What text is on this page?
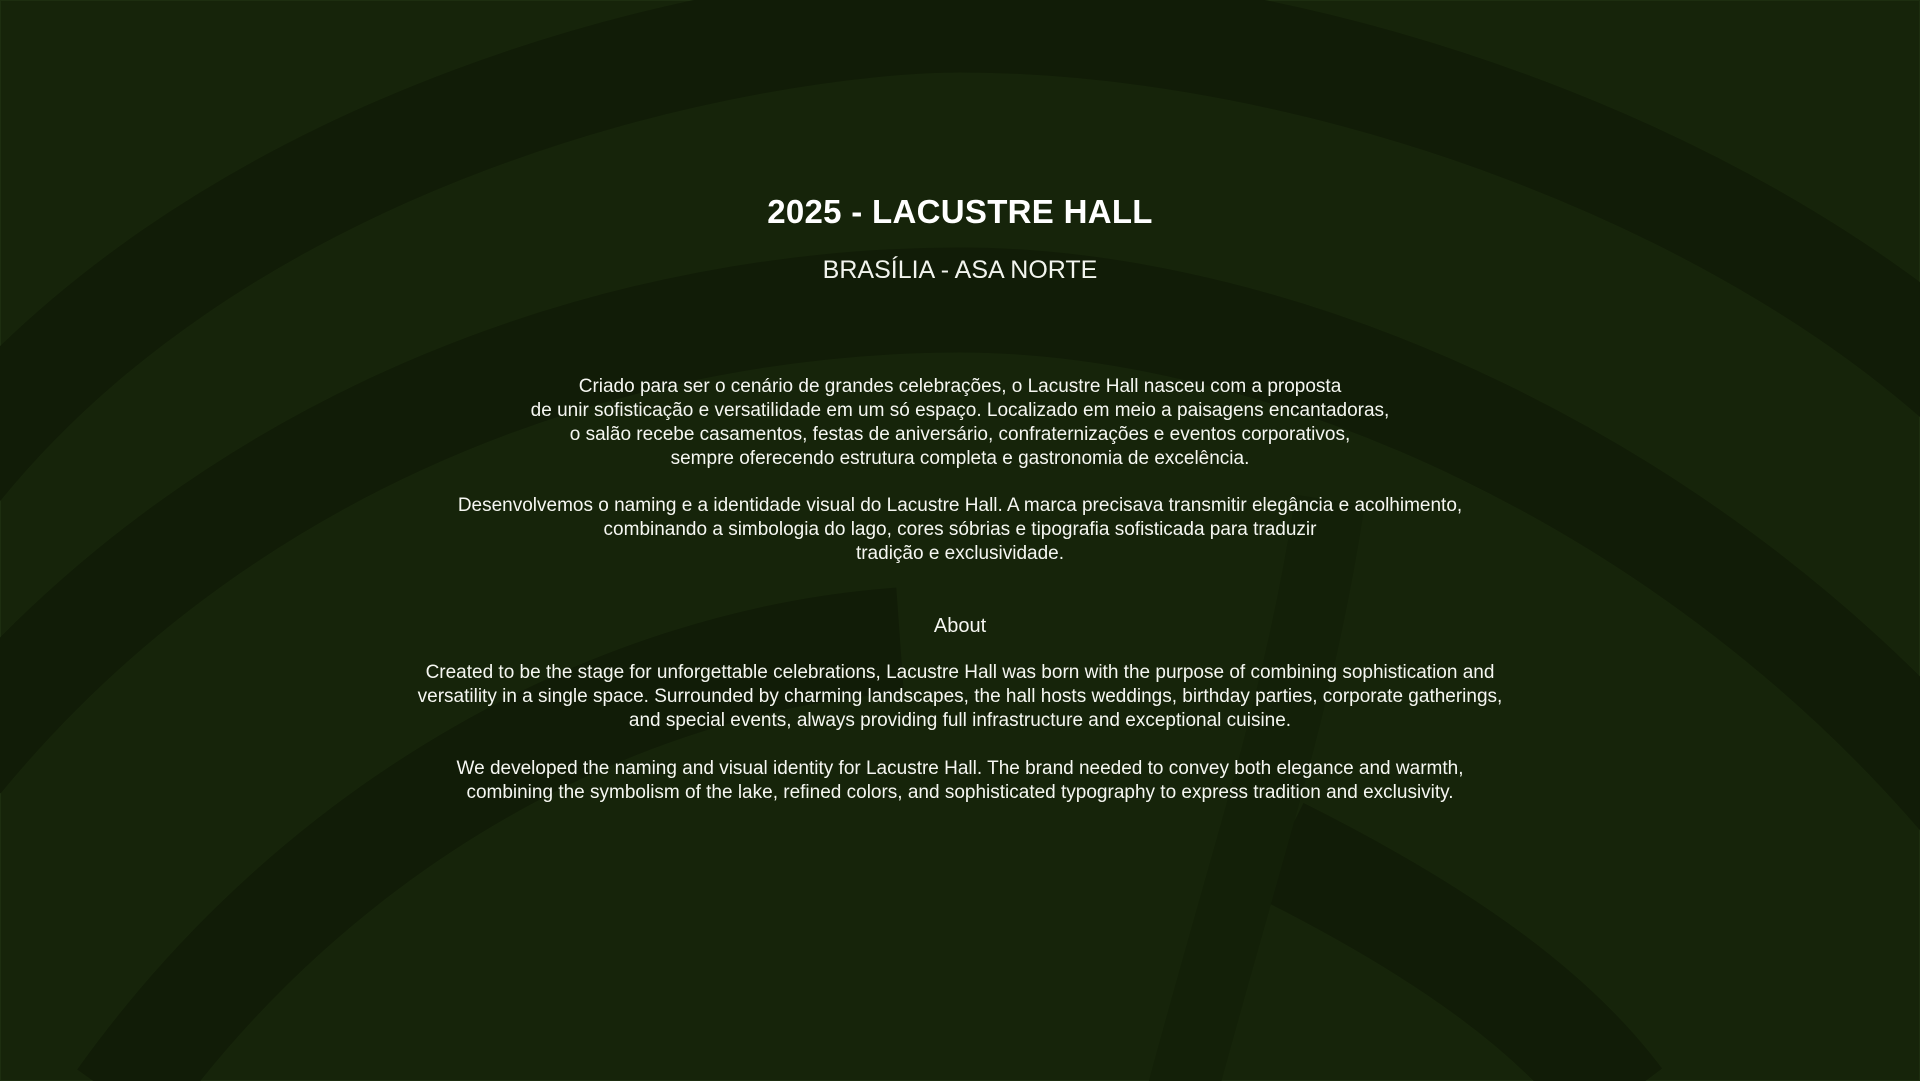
2025 - LACUSTRE HALL
BRASÍLIA - ASA NORTE

Criado para ser o cenário de grandes celebrações, o Lacustre Hall nasceu com a proposta

de unir sofisticação e versatilidade em um só espaço. Localizado em meio a paisagens encantadoras,

o salão recebe casamentos, festas de aniversário, confraternizações e eventos corporativos,

sempre oferecendo estrutura completa e gastronomia de excelência.

Desenvolvemos o naming e a identidade visual do Lacustre Hall. A marca precisava transmitir elegância e acolhimento,

combinando a simbologia do lago, cores sóbrias e tipografia sofisticada para traduzir

tradição e exclusividade.

About

Created to be the stage for unforgettable celebrations, Lacustre Hall was born with the purpose of combining sophistication and

versatility in a single space. Surrounded by charming landscapes, the hall hosts weddings, birthday parties, corporate gatherings,

and special events, always providing full infrastructure and exceptional cuisine.

We developed the naming and visual identity for Lacustre Hall. The brand needed to convey both elegance and warmth,

combining the symbolism of the lake, refined colors, and sophisticated typography to express tradition and exclusivity.
